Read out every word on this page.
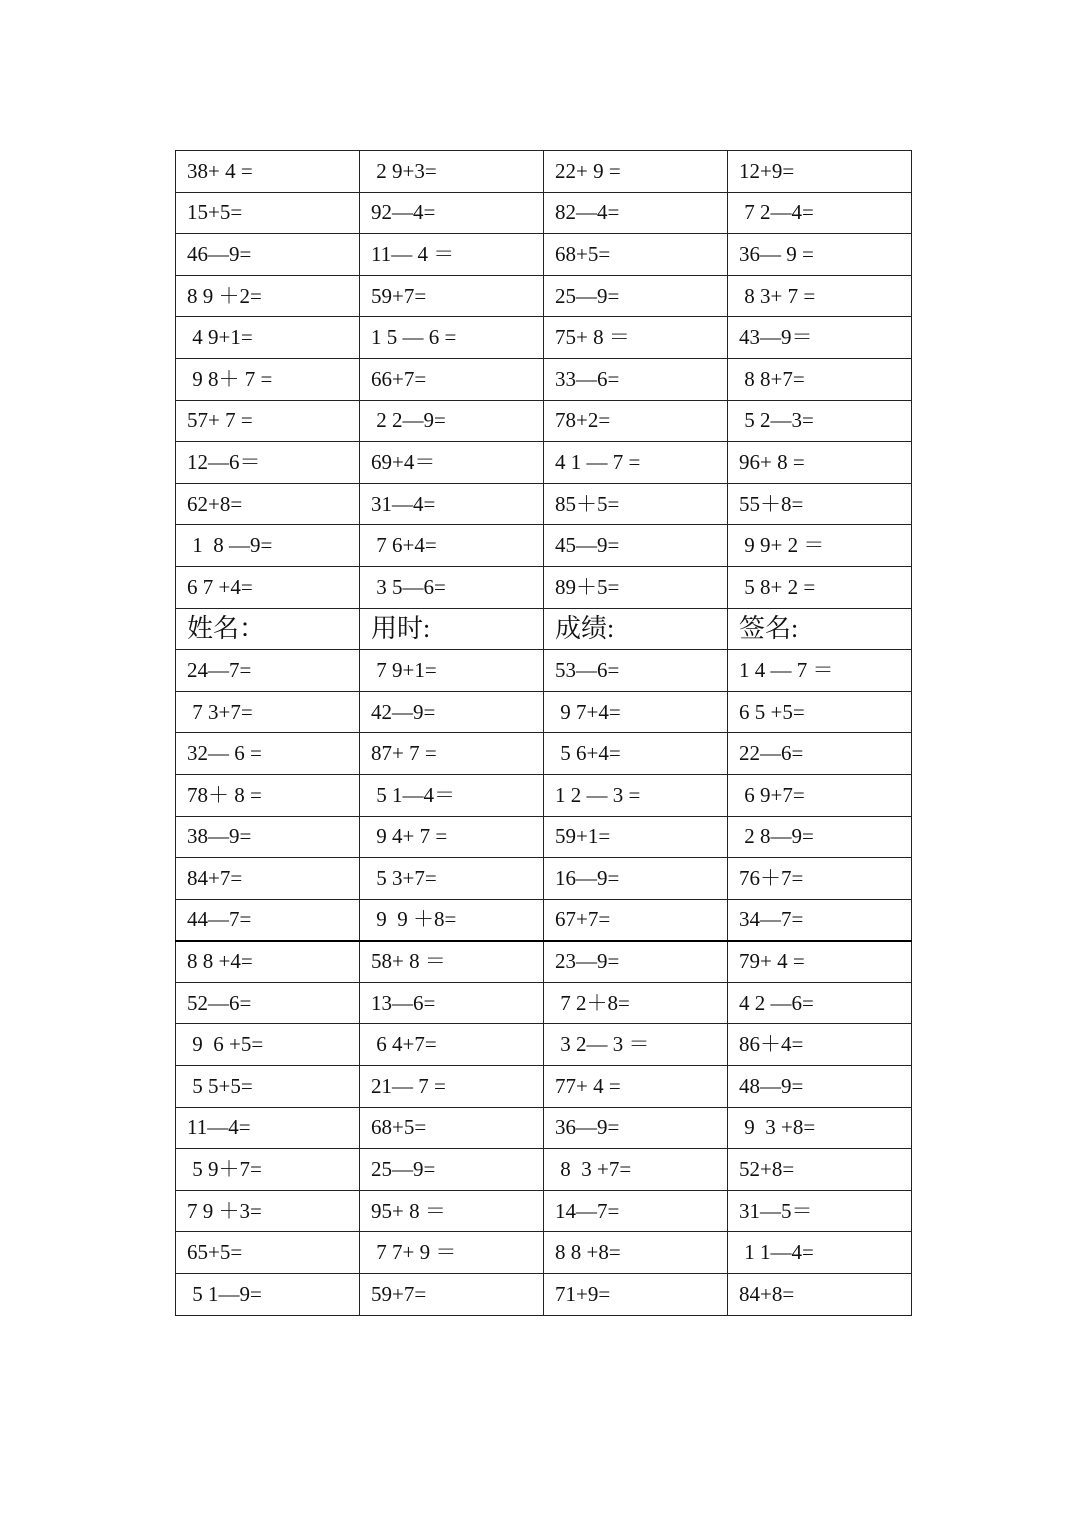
38+ 4 =	2 9+3=	22+ 9 =	12+9=
15+5=	92—4=	82—4=	7 2—4=
46—9=	11— 4 ＝	68+5=	36— 9 =
8 9 ＋2=	59+7=	25—9=	8 3+ 7 =
4 9+1=	1 5 — 6 =	75+ 8 ＝	43—9＝
9 8＋ 7 =	66+7=	33—6=	8 8+7=
57+ 7 =	2 2—9=	78+2=	5 2—3=
12—6＝	69+4＝	4 1 — 7 =	96+ 8 =
62+8=	31—4=	85＋5=	55＋8=
1  8 —9=	7 6+4=	45—9=	9 9+ 2 ＝
6 7 +4=	3 5—6=	89＋5=	5 8+ 2 =
姓名：	用时:	成绩:	签名:
24—7=	7 9+1=	53—6=	1 4 — 7 ＝
7 3+7=	42—9=	9 7+4=	6 5 +5=
32— 6 =	87+ 7 =	5 6+4=	22—6=
78＋ 8 =	5 1—4＝	1 2 — 3 =	6 9+7=
38—9=	9 4+ 7 =	59+1=	2 8—9=
84+7=	5 3+7=	16—9=	76＋7=
44—7=	9  9 ＋8=	67+7=	34—7=
8 8 +4=	58+ 8 ＝	23—9=	79+ 4 =
52—6=	13—6=	7 2＋8=	4 2 —6=
9  6 +5=	6 4+7=	3 2— 3 ＝	86＋4=
5 5+5=	21— 7 =	77+ 4 =	48—9=
11—4=	68+5=	36—9=	9  3 +8=
5 9＋7=	25—9=	8  3 +7=	52+8=
7 9 ＋3=	95+ 8 ＝	14—7=	31—5＝
65+5=	7 7+ 9 ＝	8 8 +8=	1 1—4=
5 1—9=	59+7=	71+9=	84+8=
